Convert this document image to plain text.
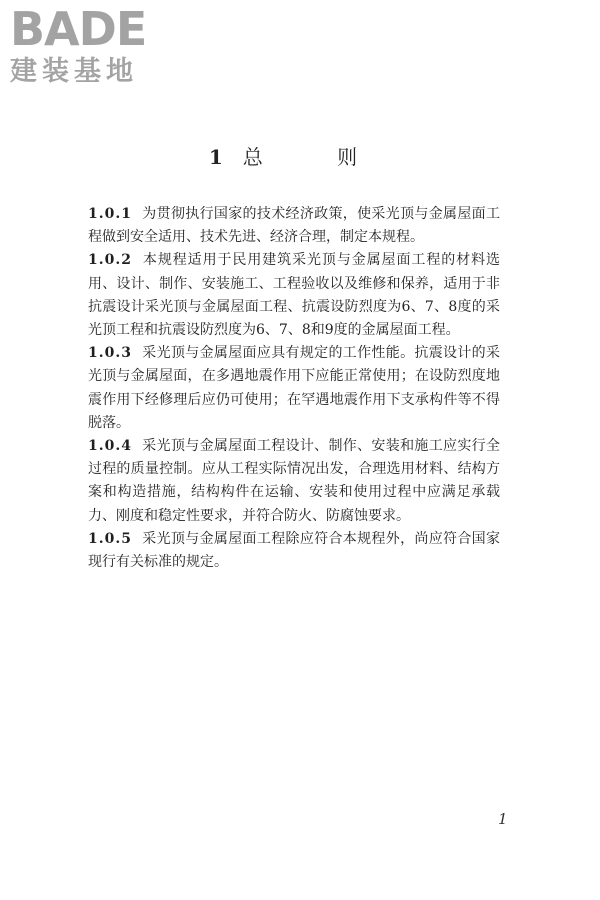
BADE
建装基地
1 总 则

1.0.1 为贯彻执行国家的技术经济政策，使采光顶与金属屋面工程做到安全适用、技术先进、经济合理，制定本规程。

1.0.2 本规程适用于民用建筑采光顶与金属屋面工程的材料选用、设计、制作、安装施工、工程验收以及维修和保养，适用于非抗震设计采光顶与金属屋面工程、抗震设防烈度为6、7、8度的采光顶工程和抗震设防烈度为6、7、8和9度的金属屋面工程。

1.0.3 采光顶与金属屋面应具有规定的工作性能。抗震设计的采光顶与金属屋面，在多遇地震作用下应能正常使用；在设防烈度地震作用下经修理后应仍可使用；在罕遇地震作用下支承构件等不得脱落。

1.0.4 采光顶与金属屋面工程设计、制作、安装和施工应实行全过程的质量控制。应从工程实际情况出发，合理选用材料、结构方案和构造措施，结构构件在运输、安装和使用过程中应满足承载力、刚度和稳定性要求，并符合防火、防腐蚀要求。

1.0.5 采光顶与金属屋面工程除应符合本规程外，尚应符合国家现行有关标准的规定。

1
